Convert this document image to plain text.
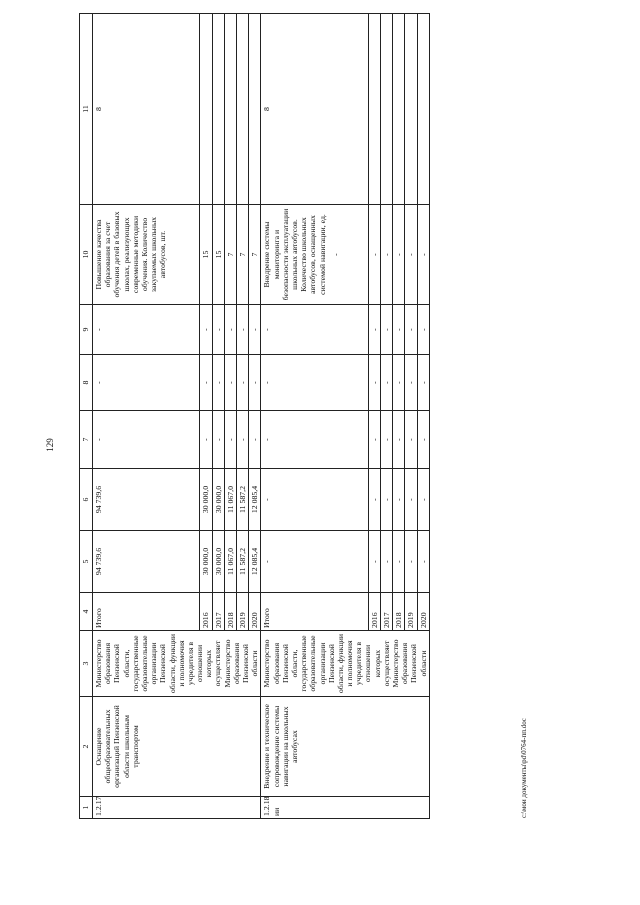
129
c:\мои документы\pd\0764-пп.doc
1	2	3	4	5	6	7	8	9	10	11
1.2.17	Оснащение общеобразовательных организаций Пензенской области школьным транспортом	Министерство образования Пензенской области, государственные образовательные организации Пензенской области, функции и полномочия учредителя в отношении которых осуществляет Министерство образования Пензенской области	Итого	94 739,6	94 739,6	-	-	-	Повышение качества образования за счет обучения детей в базовых школах, реализующих современные методики обучения. Количество закупаемых школьных автобусов, шт.	8
			2016	30 000,0	30 000,0	-	-	-	15	
			2017	30 000,0	30 000,0	-	-	-	15	
			2018	11 067,0	11 067,0	-	-	-	7	
			2019	11 587,2	11 587,2	-	-	-	7	
			2020	12 085,4	12 085,4	-	-	-	7	
1.2.18 ии	Внедрение и техническое сопровождение системы навигации на школьных автобусах	Министерство образования Пензенской области, государственные образовательные организации Пензенской области, функции и полномочия учредителя в отношении которых осуществляет Министерство образования Пензенской области	Итого	-	-	-	-	-	Внедрение системы мониторинга и безопасности эксплуатации школьных автобусов. Количество школьных автобусов, оснащенных системой навигации, ед. -	8
			2016	-	-	-	-	-	-	
			2017	-	-	-	-	-	-	
			2018	-	-	-	-	-	-	
			2019	-	-	-	-	-	-	
			2020	-	-	-	-	-	-	
